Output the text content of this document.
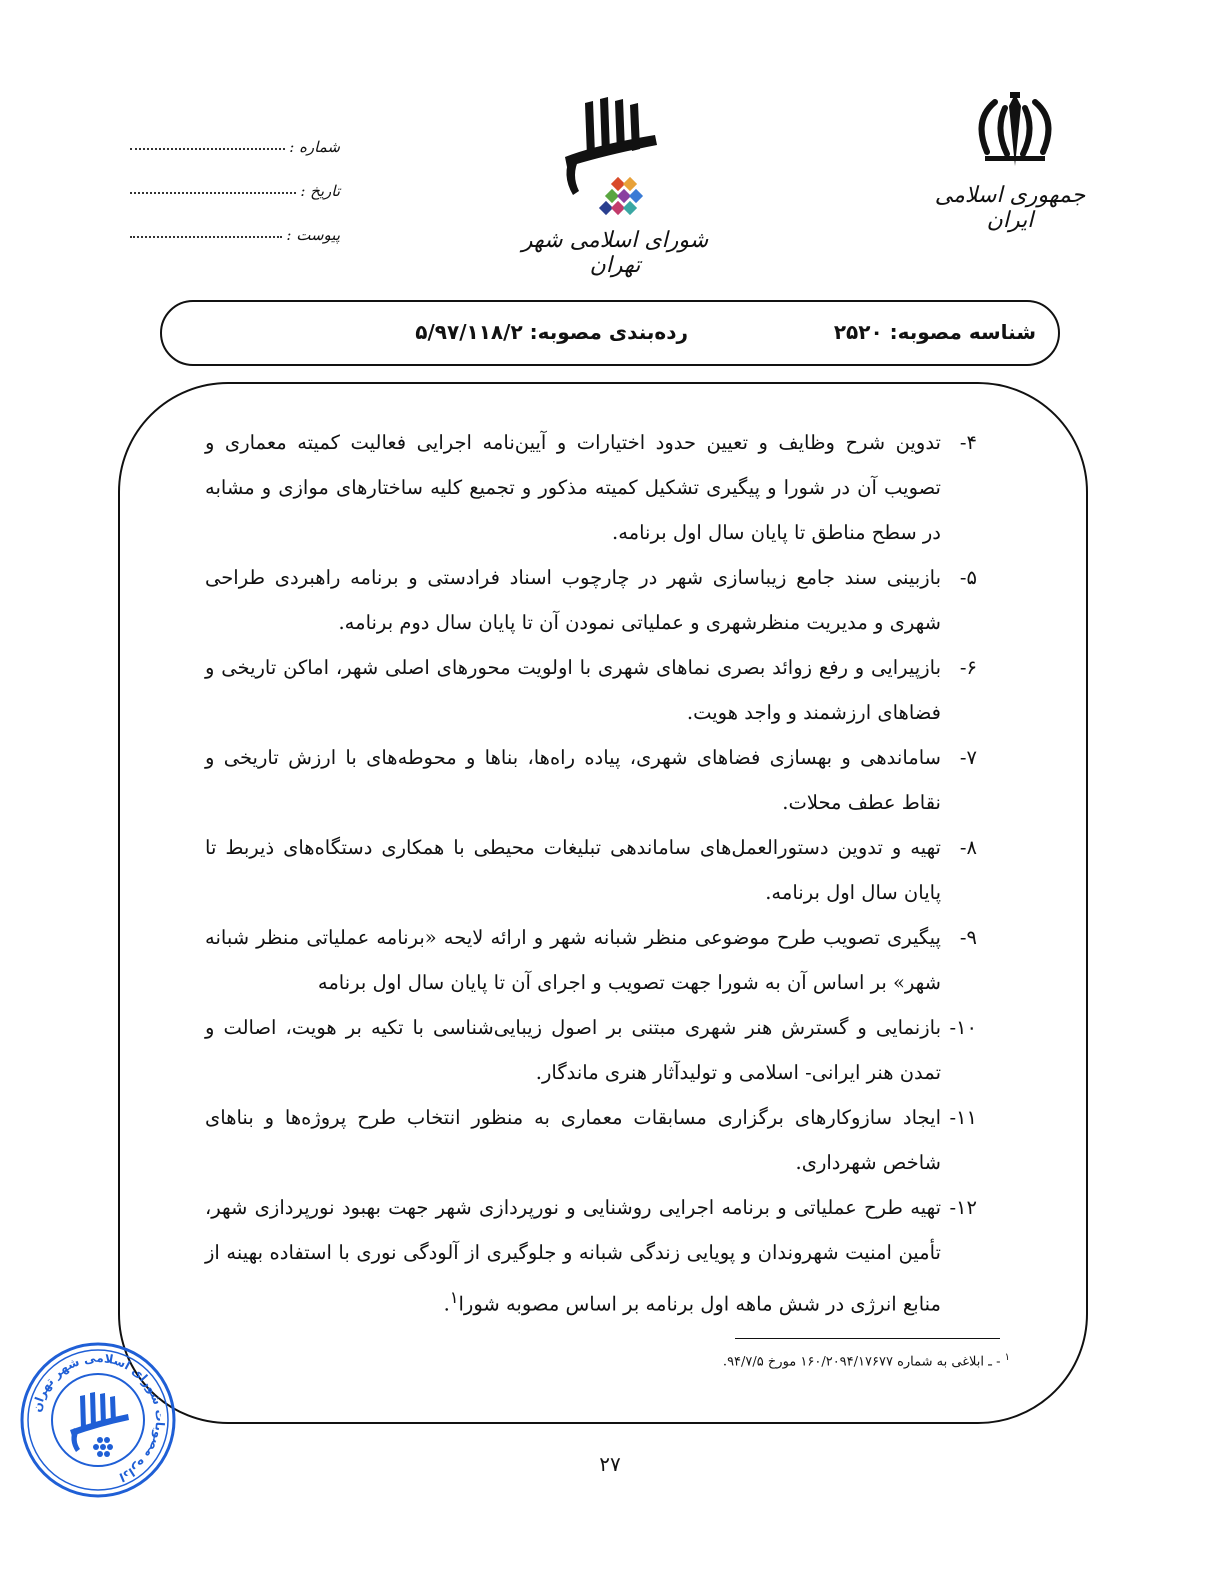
جمهوری اسلامی ایران
شورای اسلامی شهر تهران
شماره :
تاریخ :
پیوست :
شناسه مصوبه: ۲۵۲۰
رده‌بندی مصوبه: ۵/۹۷/۱۱۸/۲
۴-
تدوین شرح وظایف و تعیین حدود اختیارات و آیین‌نامه اجرایی فعالیت کمیته معماری و تصویب آن در شورا و پیگیری تشکیل کمیته مذکور و تجمیع کلیه ساختارهای موازی و مشابه در سطح مناطق تا پایان سال اول برنامه.
۵-
بازبینی سند جامع زیباسازی شهر در چارچوب اسناد فرادستی و برنامه راهبردی طراحی شهری و مدیریت منظرشهری و عملیاتی نمودن آن تا پایان سال دوم برنامه.
۶-
بازپیرایی و رفع زوائد بصری نماهای شهری با اولویت محورهای اصلی شهر، اماکن تاریخی و فضاهای ارزشمند و واجد هویت.
۷-
ساماندهی و بهسازی فضاهای شهری، پیاده راه‌ها، بناها و محوطه‌های با ارزش تاریخی و نقاط عطف محلات.
۸-
تهیه و تدوین دستورالعمل‌های ساماندهی تبلیغات محیطی با همکاری دستگاه‌های ذیربط تا پایان سال اول برنامه.
۹-
پیگیری تصویب طرح موضوعی منظر شبانه شهر و ارائه لایحه «برنامه عملیاتی منظر شبانه شهر» بر اساس آن به شورا جهت تصویب و اجرای آن تا پایان سال اول برنامه
۱۰-
بازنمایی و گسترش هنر شهری مبتنی بر اصول زیبایی‌شناسی با تکیه بر هویت، اصالت و تمدن هنر ایرانی- اسلامی و تولیدآثار هنری ماندگار.
۱۱-
ایجاد سازوکارهای برگزاری مسابقات معماری به منظور انتخاب طرح پروژه‌ها و بناهای شاخص شهرداری.
۱۲-
تهیه طرح عملیاتی و برنامه اجرایی روشنایی و نورپردازی شهر جهت بهبود نورپردازی شهر، تأمین امنیت شهروندان و پویایی زندگی شبانه و جلوگیری از آلودگی نوری با استفاده بهینه از منابع انرژی در شش ماهه اول برنامه بر اساس مصوبه شورا$^۱$.
$^۱$ - ـ ابلاغی به شماره ۱۶۰/۲۰۹۴/۱۷۶۷۷ مورخ ۹۴/۷/۵.
۲۷
اداره مصوبات شورای اسلامی شهر تهران
